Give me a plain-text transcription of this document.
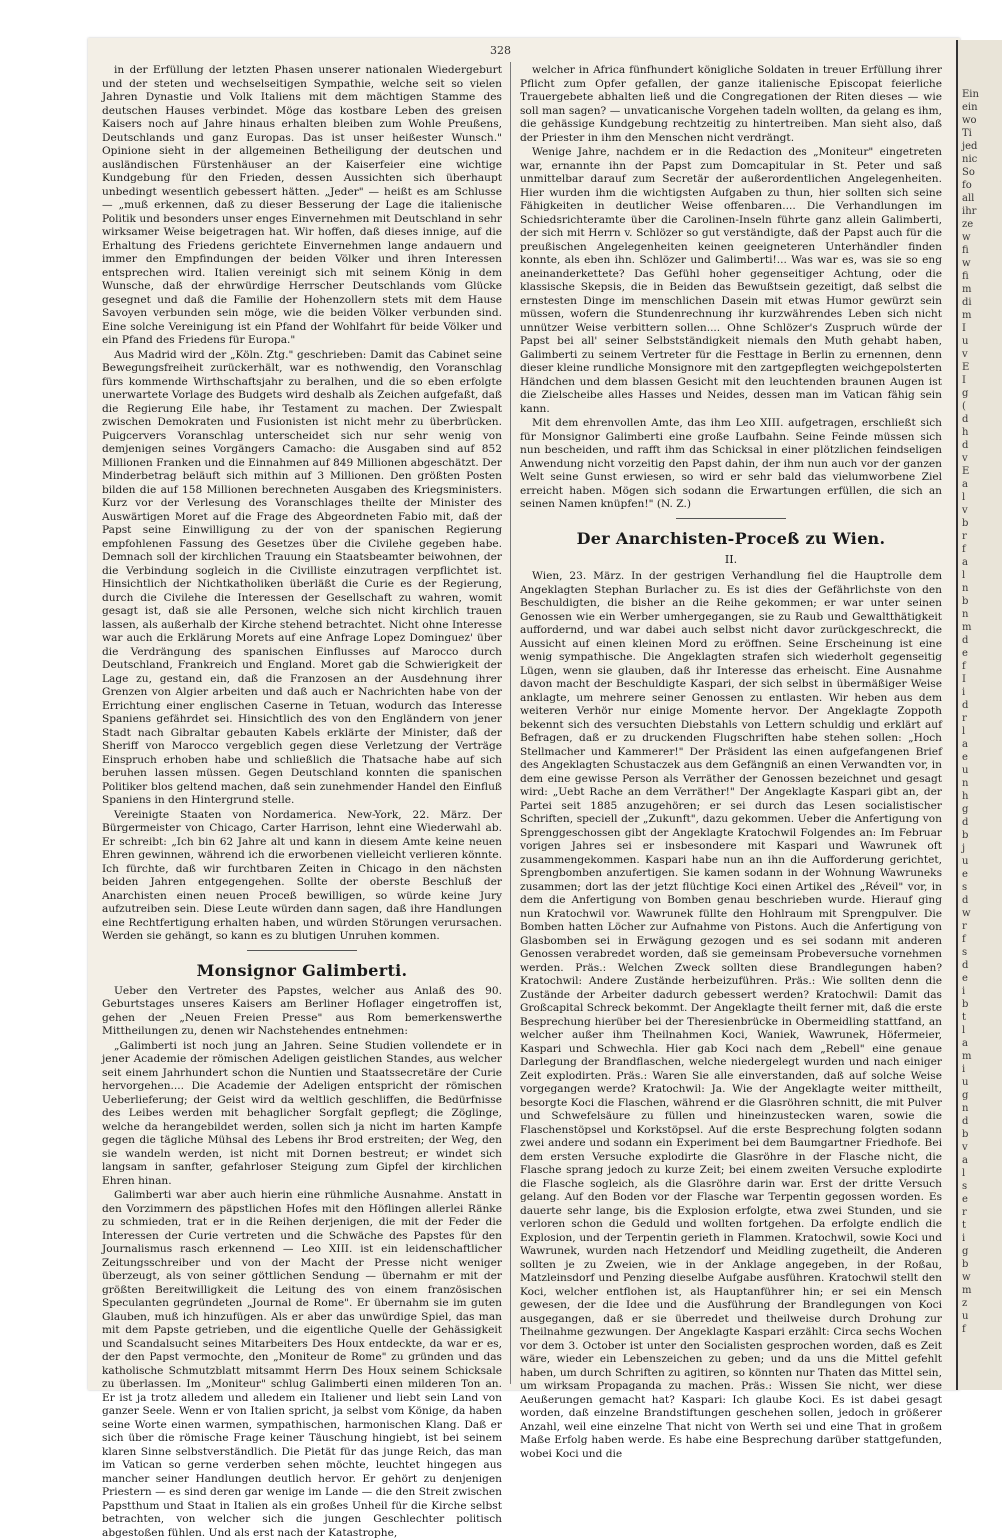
328

in der Erfüllung der letzten Phasen unserer nationalen Wiedergeburt und der steten und wechselseitigen Sympathie, welche seit so vielen Jahren Dynastie und Volk Italiens mit dem mächtigen Stamme des deutschen Hauses verbindet. Möge das kostbare Leben des greisen Kaisers noch auf Jahre hinaus erhalten bleiben zum Wohle Preußens, Deutschlands und ganz Europas. Das ist unser heißester Wunsch." Opinione sieht in der allgemeinen Betheiligung der deutschen und ausländischen Fürstenhäuser an der Kaiserfeier eine wichtige Kundgebung für den Frieden, dessen Aussichten sich überhaupt unbedingt wesentlich gebessert hätten. „Jeder" — heißt es am Schlusse — „muß erkennen, daß zu dieser Besserung der Lage die italienische Politik und besonders unser enges Einvernehmen mit Deutschland in sehr wirksamer Weise beigetragen hat. Wir hoffen, daß dieses innige, auf die Erhaltung des Friedens gerichtete Einvernehmen lange andauern und immer den Empfindungen der beiden Völker und ihren Interessen entsprechen wird. Italien vereinigt sich mit seinem König in dem Wunsche, daß der ehrwürdige Herrscher Deutschlands vom Glücke gesegnet und daß die Familie der Hohenzollern stets mit dem Hause Savoyen verbunden sein möge, wie die beiden Völker verbunden sind. Eine solche Vereinigung ist ein Pfand der Wohlfahrt für beide Völker und ein Pfand des Friedens für Europa."

Aus Madrid wird der „Köln. Ztg." geschrieben: Damit das Cabinet seine Bewegungsfreiheit zurückerhält, war es nothwendig, den Voranschlag fürs kommende Wirthschaftsjahr zu beralhen, und die so eben erfolgte unerwartete Vorlage des Budgets wird deshalb als Zeichen aufgefaßt, daß die Regierung Eile habe, ihr Testament zu machen. Der Zwiespalt zwischen Demokraten und Fusionisten ist nicht mehr zu überbrücken. Puigcervers Voranschlag unterscheidet sich nur sehr wenig von demjenigen seines Vorgängers Camacho: die Ausgaben sind auf 852 Millionen Franken und die Einnahmen auf 849 Millionen abgeschätzt. Der Minderbetrag beläuft sich mithin auf 3 Millionen. Den größten Posten bilden die auf 158 Millionen berechneten Ausgaben des Kriegsministers. Kurz vor der Verlesung des Voranschlages theilte der Minister des Auswärtigen Moret auf die Frage des Abgeordneten Fabio mit, daß der Papst seine Einwilligung zu der von der spanischen Regierung empfohlenen Fassung des Gesetzes über die Civilehe gegeben habe. Demnach soll der kirchlichen Trauung ein Staatsbeamter beiwohnen, der die Verbindung sogleich in die Civilliste einzutragen verpflichtet ist. Hinsichtlich der Nichtkatholiken überläßt die Curie es der Regierung, durch die Civilehe die Interessen der Gesellschaft zu wahren, womit gesagt ist, daß sie alle Personen, welche sich nicht kirchlich trauen lassen, als außerhalb der Kirche stehend betrachtet. Nicht ohne Interesse war auch die Erklärung Morets auf eine Anfrage Lopez Dominguez' über die Verdrängung des spanischen Einflusses auf Marocco durch Deutschland, Frankreich und England. Moret gab die Schwierigkeit der Lage zu, gestand ein, daß die Franzosen an der Ausdehnung ihrer Grenzen von Algier arbeiten und daß auch er Nachrichten habe von der Errichtung einer englischen Caserne in Tetuan, wodurch das Interesse Spaniens gefährdet sei. Hinsichtlich des von den Engländern von jener Stadt nach Gibraltar gebauten Kabels erklärte der Minister, daß der Sheriff von Marocco vergeblich gegen diese Verletzung der Verträge Einspruch erhoben habe und schließlich die Thatsache habe auf sich beruhen lassen müssen. Gegen Deutschland konnten die spanischen Politiker blos geltend machen, daß sein zunehmender Handel den Einfluß Spaniens in den Hintergrund stelle.

Vereinigte Staaten von Nordamerica. New-York, 22. März. Der Bürgermeister von Chicago, Carter Harrison, lehnt eine Wiederwahl ab. Er schreibt: „Ich bin 62 Jahre alt und kann in diesem Amte keine neuen Ehren gewinnen, während ich die erworbenen vielleicht verlieren könnte. Ich fürchte, daß wir furchtbaren Zeiten in Chicago in den nächsten beiden Jahren entgegengehen. Sollte der oberste Beschluß der Anarchisten einen neuen Proceß bewilligen, so würde keine Jury aufzutreiben sein. Diese Leute würden dann sagen, daß ihre Handlungen eine Rechtfertigung erhalten haben, und würden Störungen verursachen. Werden sie gehängt, so kann es zu blutigen Unruhen kommen.

Monsignor Galimberti.

Ueber den Vertreter des Papstes, welcher aus Anlaß des 90. Geburtstages unseres Kaisers am Berliner Hoflager eingetroffen ist, gehen der „Neuen Freien Presse" aus Rom bemerkenswerthe Mittheilungen zu, denen wir Nachstehendes entnehmen:

„Galimberti ist noch jung an Jahren. Seine Studien vollendete er in jener Academie der römischen Adeligen geistlichen Standes, aus welcher seit einem Jahrhundert schon die Nuntien und Staatssecretäre der Curie hervorgehen.... Die Academie der Adeligen entspricht der römischen Ueberlieferung; der Geist wird da weltlich geschliffen, die Bedürfnisse des Leibes werden mit behaglicher Sorgfalt gepflegt; die Zöglinge, welche da herangebildet werden, sollen sich ja nicht im harten Kampfe gegen die tägliche Mühsal des Lebens ihr Brod erstreiten; der Weg, den sie wandeln werden, ist nicht mit Dornen bestreut; er windet sich langsam in sanfter, gefahrloser Steigung zum Gipfel der kirchlichen Ehren hinan.

Galimberti war aber auch hierin eine rühmliche Ausnahme. Anstatt in den Vorzimmern des päpstlichen Hofes mit den Höflingen allerlei Ränke zu schmieden, trat er in die Reihen derjenigen, die mit der Feder die Interessen der Curie vertreten und die Schwäche des Papstes für den Journalismus rasch erkennend — Leo XIII. ist ein leidenschaftlicher Zeitungsschreiber und von der Macht der Presse nicht weniger überzeugt, als von seiner göttlichen Sendung — übernahm er mit der größten Bereitwilligkeit die Leitung des von einem französischen Speculanten gegründeten „Journal de Rome". Er übernahm sie im guten Glauben, muß ich hinzufügen. Als er aber das unwürdige Spiel, das man mit dem Papste getrieben, und die eigentliche Quelle der Gehässigkeit und Scandalsucht seines Mitarbeiters Des Houx entdeckte, da war er es, der den Papst vermochte, den „Moniteur de Rome" zu gründen und das katholische Schmutzblatt mitsammt Herrn Des Houx seinem Schicksale zu überlassen. Im „Moniteur" schlug Galimberti einen milderen Ton an. Er ist ja trotz alledem und alledem ein Italiener und liebt sein Land von ganzer Seele. Wenn er von Italien spricht, ja selbst vom Könige, da haben seine Worte einen warmen, sympathischen, harmonischen Klang. Daß er sich über die römische Frage keiner Täuschung hingiebt, ist bei seinem klaren Sinne selbstverständlich. Die Pietät für das junge Reich, das man im Vatican so gerne verderben sehen möchte, leuchtet hingegen aus mancher seiner Handlungen deutlich hervor. Er gehört zu denjenigen Priestern — es sind deren gar wenige im Lande — die den Streit zwischen Papstthum und Staat in Italien als ein großes Unheil für die Kirche selbst betrachten, von welcher sich die jungen Geschlechter politisch abgestoßen fühlen. Und als erst nach der Katastrophe,

welcher in Africa fünfhundert königliche Soldaten in treuer Erfüllung ihrer Pflicht zum Opfer gefallen, der ganze italienische Episcopat feierliche Trauergebete abhalten ließ und die Congregationen der Riten dieses — wie soll man sagen? — unvaticanische Vorgehen tadeln wollten, da gelang es ihm, die gehässige Kundgebung rechtzeitig zu hintertreiben. Man sieht also, daß der Priester in ihm den Menschen nicht verdrängt.

Wenige Jahre, nachdem er in die Redaction des „Moniteur" eingetreten war, ernannte ihn der Papst zum Domcapitular in St. Peter und saß unmittelbar darauf zum Secretär der außerordentlichen Angelegenheiten. Hier wurden ihm die wichtigsten Aufgaben zu thun, hier sollten sich seine Fähigkeiten in deutlicher Weise offenbaren.... Die Verhandlungen im Schiedsrichteramte über die Carolinen-Inseln führte ganz allein Galimberti, der sich mit Herrn v. Schlözer so gut verständigte, daß der Papst auch für die preußischen Angelegenheiten keinen geeigneteren Unterhändler finden konnte, als eben ihn. Schlözer und Galimberti!... Was war es, was sie so eng aneinanderkettete? Das Gefühl hoher gegenseitiger Achtung, oder die klassische Skepsis, die in Beiden das Bewußtsein gezeitigt, daß selbst die ernstesten Dinge im menschlichen Dasein mit etwas Humor gewürzt sein müssen, wofern die Stundenrechnung ihr kurzwährendes Leben sich nicht unnützer Weise verbittern sollen.... Ohne Schlözer's Zuspruch würde der Papst bei all' seiner Selbstständigkeit niemals den Muth gehabt haben, Galimberti zu seinem Vertreter für die Festtage in Berlin zu ernennen, denn dieser kleine rundliche Monsignore mit den zartgepflegten weichgepolsterten Händchen und dem blassen Gesicht mit den leuchtenden braunen Augen ist die Zielscheibe alles Hasses und Neides, dessen man im Vatican fähig sein kann.

Mit dem ehrenvollen Amte, das ihm Leo XIII. aufgetragen, erschließt sich für Monsignor Galimberti eine große Laufbahn. Seine Feinde müssen sich nun bescheiden, und rafft ihm das Schicksal in einer plötzlichen feindseligen Anwendung nicht vorzeitig den Papst dahin, der ihm nun auch vor der ganzen Welt seine Gunst erwiesen, so wird er sehr bald das vielumworbene Ziel erreicht haben. Mögen sich sodann die Erwartungen erfüllen, die sich an seinen Namen knüpfen!" (N. Z.)

Der Anarchisten-Proceß zu Wien.
II.

Wien, 23. März. In der gestrigen Verhandlung fiel die Hauptrolle dem Angeklagten Stephan Burlacher zu. Es ist dies der Gefährlichste von den Beschuldigten, die bisher an die Reihe gekommen; er war unter seinen Genossen wie ein Werber umhergegangen, sie zu Raub und Gewaltthätigkeit auffordernd, und war dabei auch selbst nicht davor zurückgeschreckt, die Aussicht auf einen kleinen Mord zu eröffnen. Seine Erscheinung ist eine wenig sympathische. Die Angeklagten strafen sich wiederholt gegenseitig Lügen, wenn sie glauben, daß ihr Interesse das erheischt. Eine Ausnahme davon macht der Beschuldigte Kaspari, der sich selbst in übermäßiger Weise anklagte, um mehrere seiner Genossen zu entlasten. Wir heben aus dem weiteren Verhör nur einige Momente hervor. Der Angeklagte Zoppoth bekennt sich des versuchten Diebstahls von Lettern schuldig und erklärt auf Befragen, daß er zu druckenden Flugschriften habe stehen sollen: „Hoch Stellmacher und Kammerer!" Der Präsident las einen aufgefangenen Brief des Angeklagten Schustaczek aus dem Gefängniß an einen Verwandten vor, in dem eine gewisse Person als Verräther der Genossen bezeichnet und gesagt wird: „Uebt Rache an dem Verräther!" Der Angeklagte Kaspari gibt an, der Partei seit 1885 anzugehören; er sei durch das Lesen socialistischer Schriften, speciell der „Zukunft", dazu gekommen. Ueber die Anfertigung von Sprenggeschossen gibt der Angeklagte Kratochwil Folgendes an: Im Februar vorigen Jahres sei er insbesondere mit Kaspari und Wawrunek oft zusammengekommen. Kaspari habe nun an ihn die Aufforderung gerichtet, Sprengbomben anzufertigen. Sie kamen sodann in der Wohnung Wawruneks zusammen; dort las der jetzt flüchtige Koci einen Artikel des „Réveil" vor, in dem die Anfertigung von Bomben genau beschrieben wurde. Hierauf ging nun Kratochwil vor. Wawrunek füllte den Hohlraum mit Sprengpulver. Die Bomben hatten Löcher zur Aufnahme von Pistons. Auch die Anfertigung von Glasbomben sei in Erwägung gezogen und es sei sodann mit anderen Genossen verabredet worden, daß sie gemeinsam Probeversuche vornehmen werden. Präs.: Welchen Zweck sollten diese Brandlegungen haben? Kratochwil: Andere Zustände herbeizuführen. Präs.: Wie sollten denn die Zustände der Arbeiter dadurch gebessert werden? Kratochwil: Damit das Großcapital Schreck bekommt. Der Angeklagte theilt ferner mit, daß die erste Besprechung hierüber bei der Theresienbrücke in Obermeidling stattfand, an welcher außer ihm Theilnahmen Koci, Waniek, Wawrunek, Höfermeier, Kaspari und Schwechla. Hier gab Koci nach dem „Rebell" eine genaue Darlegung der Brandflaschen, welche niedergelegt wurden und nach einiger Zeit explodirten. Präs.: Waren Sie alle einverstanden, daß auf solche Weise vorgegangen werde? Kratochwil: Ja. Wie der Angeklagte weiter mittheilt, besorgte Koci die Flaschen, während er die Glasröhren schnitt, die mit Pulver und Schwefelsäure zu füllen und hineinzustecken waren, sowie die Flaschenstöpsel und Korkstöpsel. Auf die erste Besprechung folgten sodann zwei andere und sodann ein Experiment bei dem Baumgartner Friedhofe. Bei dem ersten Versuche explodirte die Glasröhre in der Flasche nicht, die Flasche sprang jedoch zu kurze Zeit; bei einem zweiten Versuche explodirte die Flasche sogleich, als die Glasröhre darin war. Erst der dritte Versuch gelang. Auf den Boden vor der Flasche war Terpentin gegossen worden. Es dauerte sehr lange, bis die Explosion erfolgte, etwa zwei Stunden, und sie verloren schon die Geduld und wollten fortgehen. Da erfolgte endlich die Explosion, und der Terpentin gerieth in Flammen. Kratochwil, sowie Koci und Wawrunek, wurden nach Hetzendorf und Meidling zugetheilt, die Anderen sollten je zu Zweien, wie in der Anklage angegeben, in der Roßau, Matzleinsdorf und Penzing dieselbe Aufgabe ausführen. Kratochwil stellt den Koci, welcher entflohen ist, als Hauptanführer hin; er sei ein Mensch gewesen, der die Idee und die Ausführung der Brandlegungen von Koci ausgegangen, daß er sie überredet und theilweise durch Drohung zur Theilnahme gezwungen. Der Angeklagte Kaspari erzählt: Circa sechs Wochen vor dem 3. October ist unter den Socialisten gesprochen worden, daß es Zeit wäre, wieder ein Lebenszeichen zu geben; und da uns die Mittel gefehlt haben, um durch Schriften zu agitiren, so könnten nur Thaten das Mittel sein, um wirksam Propaganda zu machen. Präs.: Wissen Sie nicht, wer diese Aeußerungen gemacht hat? Kaspari: Ich glaube Koci. Es ist dabei gesagt worden, daß einzelne Brandstiftungen geschehen sollen, jedoch in größerer Anzahl, weil eine einzelne That nicht von Werth sei und eine That in großem Maße Erfolg haben werde. Es habe eine Besprechung darüber stattgefunden, wobei Koci und die

Ein
ein
wo
Ti
jed
nic
So
fo
all
ihr
ze
w
fi
w
fi
m
di
m
I
u
v
E
I
g
(
d
h
d
v
E
a
l
v
b
r
f
a
l
n
b
n
m
d
e
f
I
i
d
r
l
a
e
u
n
h
g
d
b
j
u
e
s
d
w
r
f
s
d
e
i
b
t
l
a
m
i
u
g
n
d
b
v
a
l
s
e
r
t
i
g
b
w
m
z
u
f
